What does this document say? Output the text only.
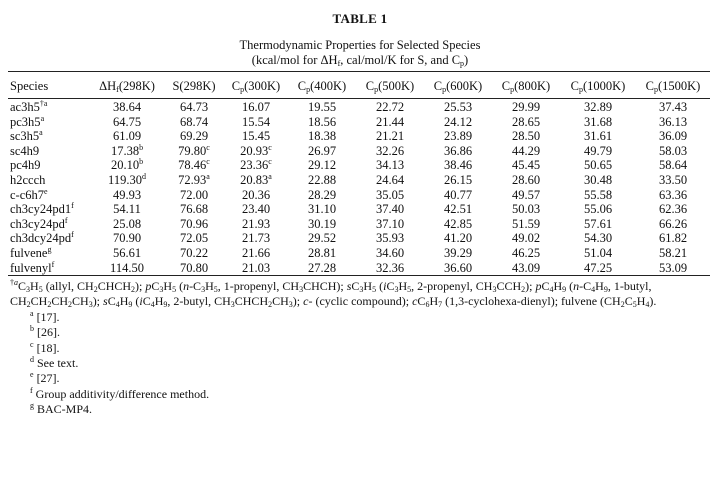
TABLE 1
Thermodynamic Properties for Selected Species
(kcal/mol for $\Delta H_f$, cal/mol/K for S, and $C_p$)
Species	$\Delta H_f(298K)$	S(298K)	$C_p(300K)$	$C_p(400K)$	$C_p(500K)$	$C_p(600K)$	$C_p(800K)$	$C_p(1000K)$	$C_p(1500K)$

ac3h5$^{\dagger a}$	38.64	64.73	16.07	19.55	22.72	25.53	29.99	32.89	37.43
pc3h5$^a$	64.75	68.74	15.54	18.56	21.44	24.12	28.65	31.68	36.13
sc3h5$^a$	61.09	69.29	15.45	18.38	21.21	23.89	28.50	31.61	36.09
sc4h9	17.38$^b$	79.80$^c$	20.93$^c$	26.97	32.26	36.86	44.29	49.79	58.03
pc4h9	20.10$^b$	78.46$^c$	23.36$^c$	29.12	34.13	38.46	45.45	50.65	58.64
h2ccch	119.30$^d$	72.93$^a$	20.83$^a$	22.88	24.64	26.15	28.60	30.48	33.50
c-c6h7e	49.93	72.00	20.36	28.29	35.05	40.77	49.57	55.58	63.36
ch3cy24pd1$^f$	54.11	76.68	23.40	31.10	37.40	42.51	50.03	55.06	62.36
$ch3cy24pd^f$	25.08	70.96	21.93	30.19	37.10	42.85	51.59	57.61	66.26
$ch3dcy24pd^f$	70.90	72.05	21.73	29.52	35.93	41.20	49.02	54.30	61.82
fulvene$^g$	56.61	70.22	21.66	28.81	34.60	39.29	46.25	51.04	58.21
fulvenyl$^f$	114.50	70.80	21.03	27.28	32.36	36.60	43.09	47.25	53.09

$^{\dagger a}C_3H_5$ (allyl, $CH_2CHCH_2$); $pC_3H_5$ ($n-C_3H_5$, 1-propenyl, $CH_3CHCH$); $sC_3H_5$ ($iC_3H_5$, 2-propenyl, $CH_3CCH_2$); $pC_4H_9$ ($n-C_4H_9$, 1-butyl, $CH_2CH_2CH_2CH_3$); $sC_4H_9$ ($iC_4H_9$, 2-butyl, $CH_3CHCH_2CH_3$); c- (cyclic compound); $cC_6H_7$ (1,3-cyclohexa-dienyl); fulvene $(CH_2C_5H_4)$.

$^a$ [17].

$^b$ [26].

$^c$ [18].

$^d$ See text.

$^e$ [27].

$^f$ Group additivity/difference method.

$^g$ BAC-MP4.
